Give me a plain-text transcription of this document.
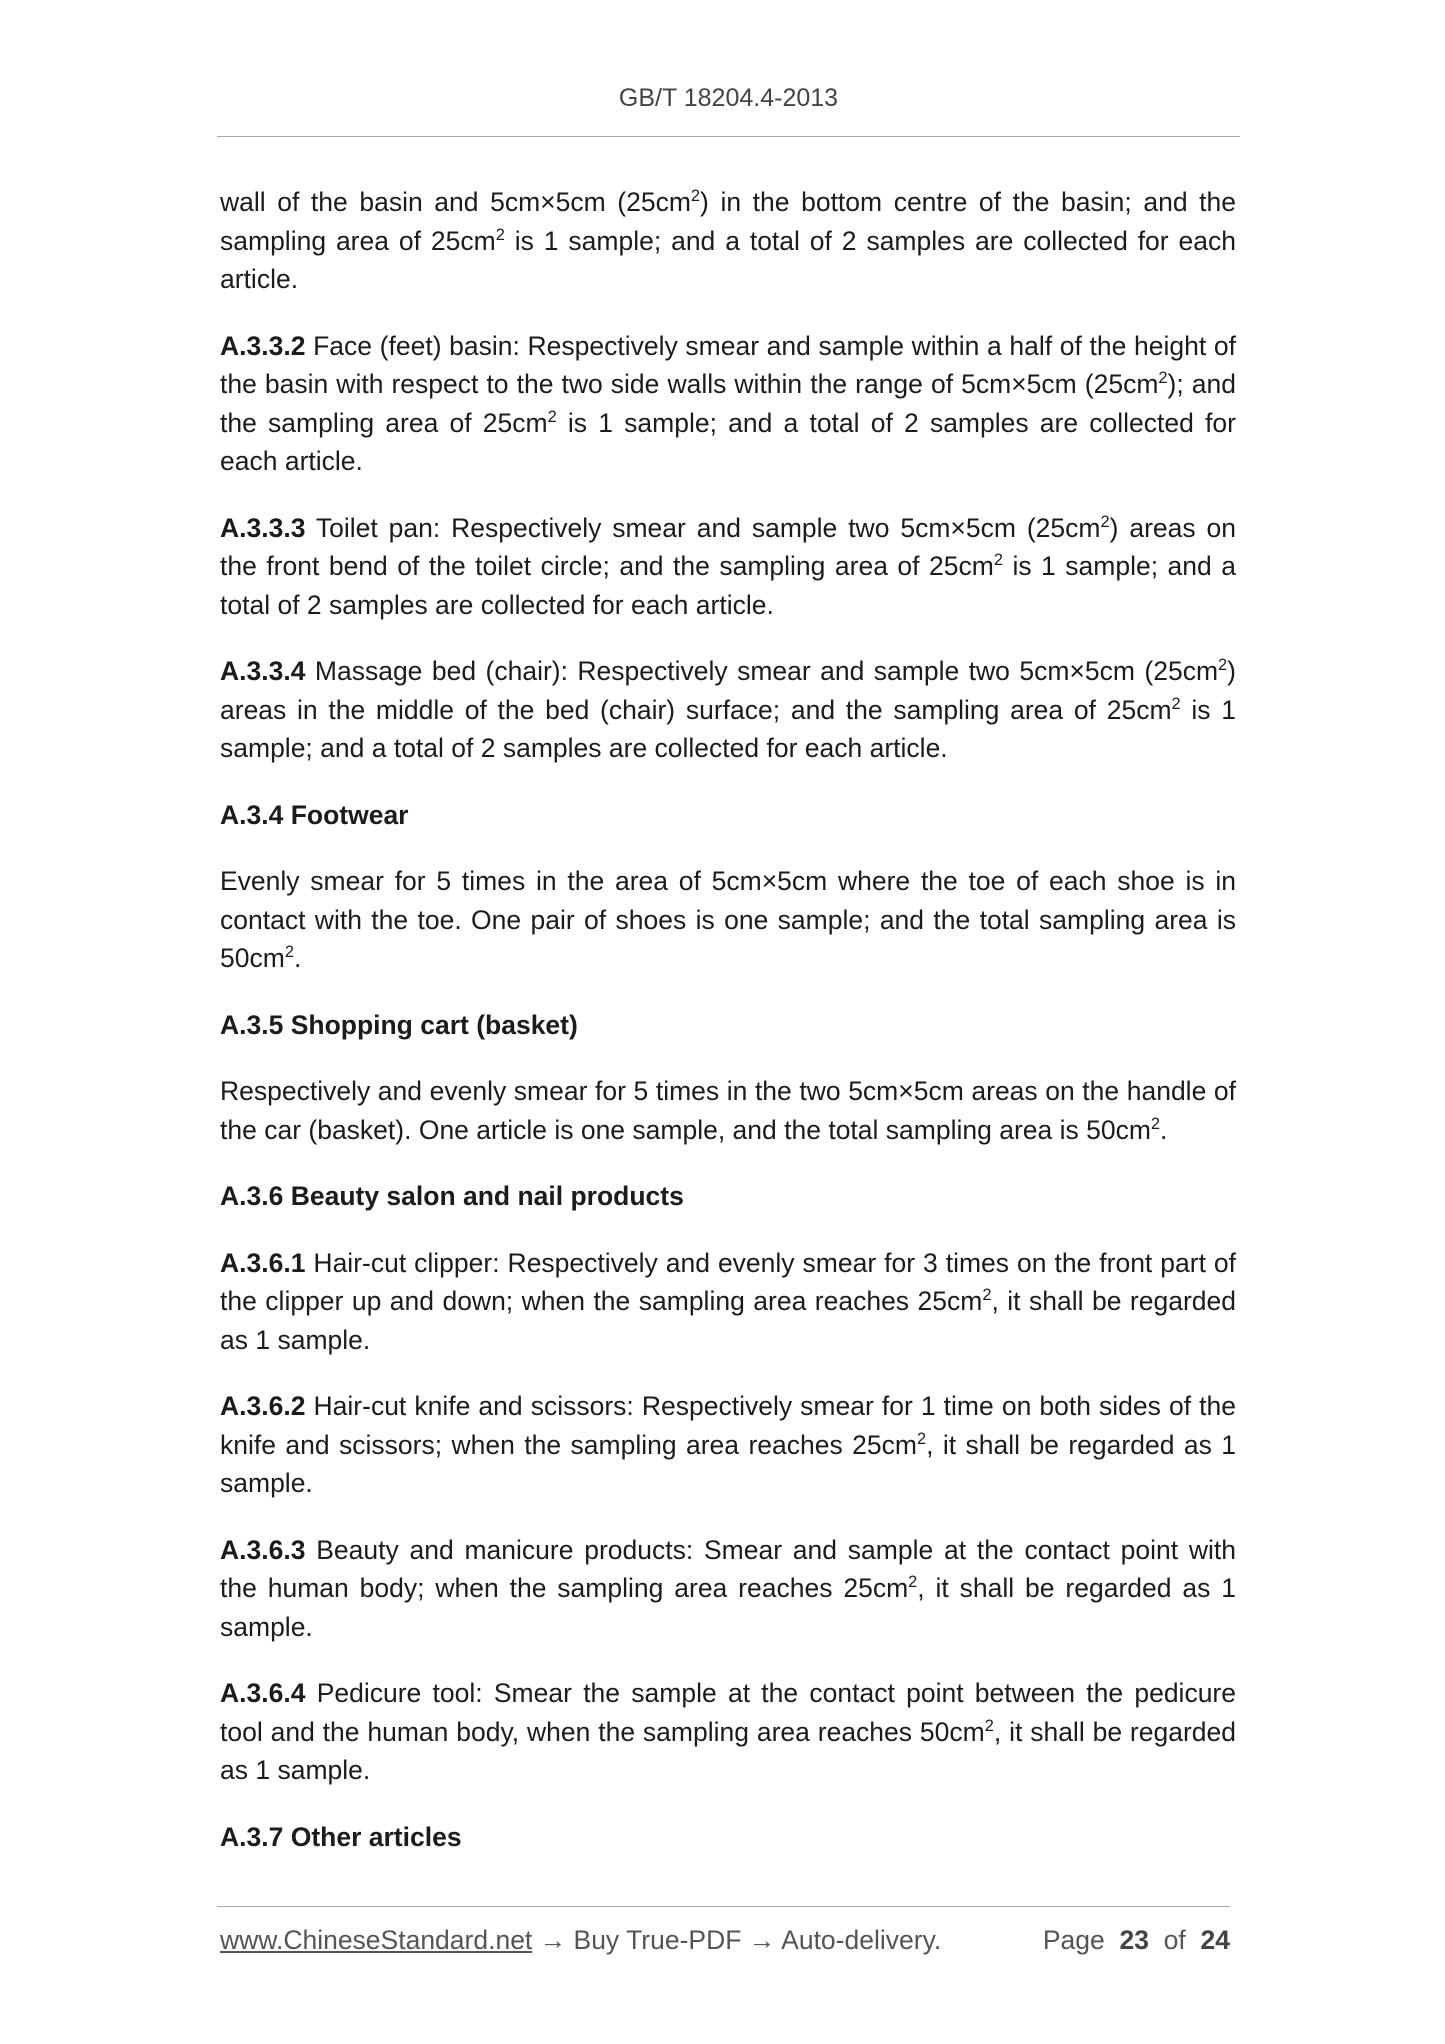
GB/T 18204.4-2013

wall of the basin and 5cm×5cm $(25cm^2)$ in the bottom centre of the basin; and the sampling area of $25cm^2$ is 1 sample; and a total of 2 samples are collected for each article.

A.3.3.2 Face (feet) basin: Respectively smear and sample within a half of the height of the basin with respect to the two side walls within the range of 5cm×5cm $(25cm^2)$; and the sampling area of $25cm^2$ is 1 sample; and a total of 2 samples are collected for each article.

A.3.3.3 Toilet pan: Respectively smear and sample two 5cm×5cm $(25cm^2)$ areas on the front bend of the toilet circle; and the sampling area of $25cm^2$ is 1 sample; and a total of 2 samples are collected for each article.

A.3.3.4 Massage bed (chair): Respectively smear and sample two 5cm×5cm $(25cm^2)$ areas in the middle of the bed (chair) surface; and the sampling area of $25cm^2$ is 1 sample; and a total of 2 samples are collected for each article.

A.3.4 Footwear

Evenly smear for 5 times in the area of 5cm×5cm where the toe of each shoe is in contact with the toe. One pair of shoes is one sample; and the total sampling area is $50cm^2$.

A.3.5 Shopping cart (basket)

Respectively and evenly smear for 5 times in the two 5cm×5cm areas on the handle of the car (basket). One article is one sample, and the total sampling area is $50cm^2$.

A.3.6 Beauty salon and nail products

A.3.6.1 Hair-cut clipper: Respectively and evenly smear for 3 times on the front part of the clipper up and down; when the sampling area reaches $25cm^2$, it shall be regarded as 1 sample.

A.3.6.2 Hair-cut knife and scissors: Respectively smear for 1 time on both sides of the knife and scissors; when the sampling area reaches $25cm^2$, it shall be regarded as 1 sample.

A.3.6.3 Beauty and manicure products: Smear and sample at the contact point with the human body; when the sampling area reaches $25cm^2$, it shall be regarded as 1 sample.

A.3.6.4 Pedicure tool: Smear the sample at the contact point between the pedicure tool and the human body, when the sampling area reaches $50cm^2$, it shall be regarded as 1 sample.

A.3.7 Other articles

www.ChineseStandard.net → Buy True-PDF → Auto-delivery.	Page 23 of 24
